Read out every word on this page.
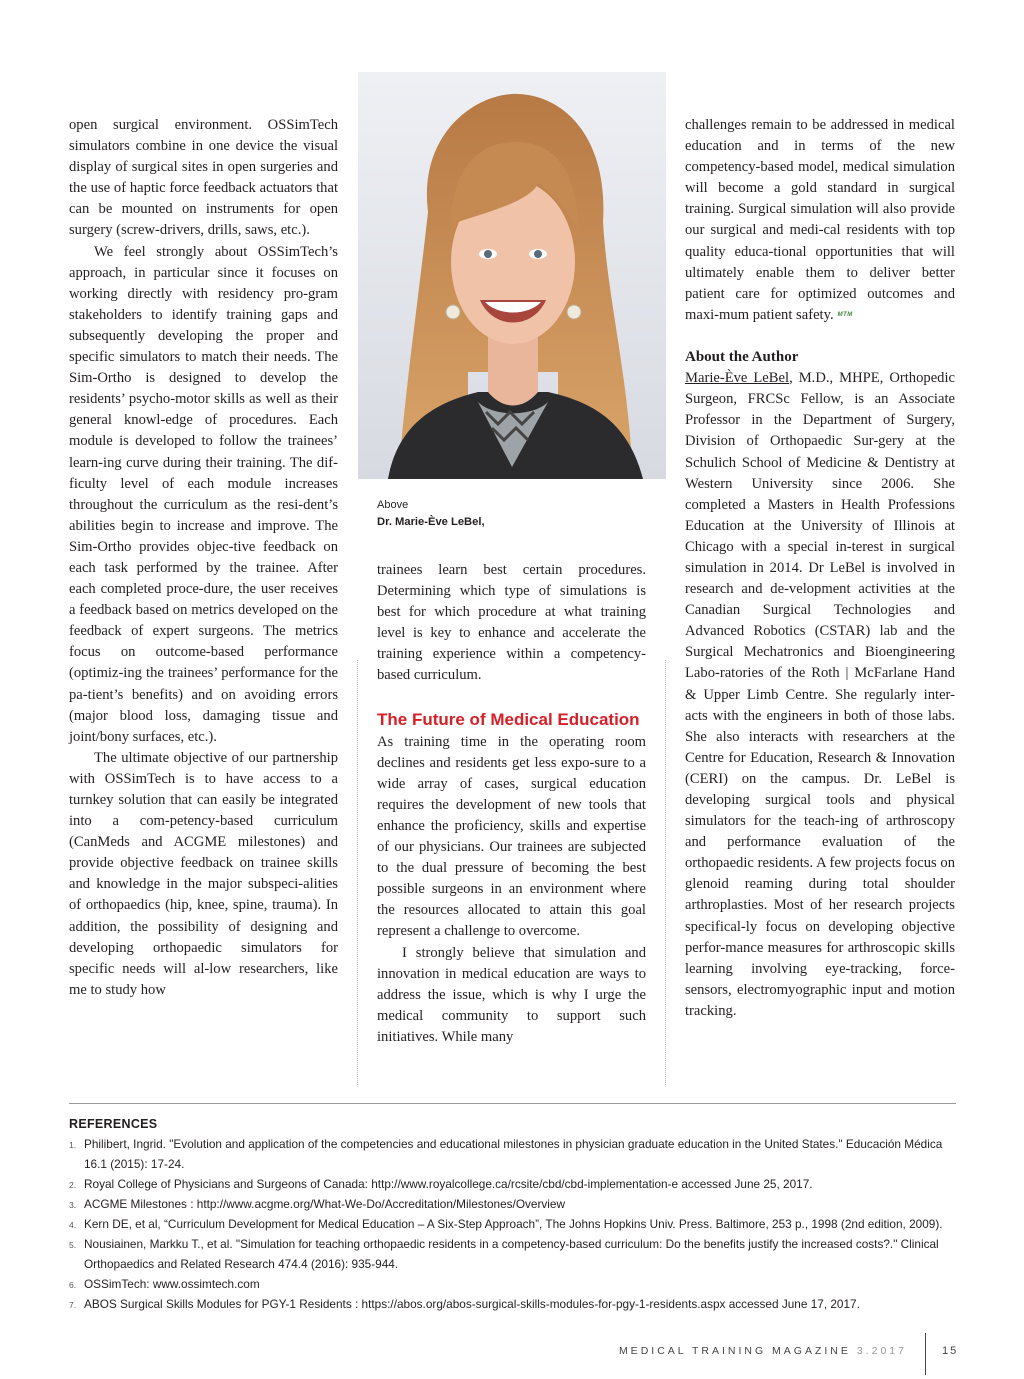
open surgical environment. OSSimTech simulators combine in one device the visual display of surgical sites in open surgeries and the use of haptic force feedback actuators that can be mounted on instruments for open surgery (screw-drivers, drills, saws, etc.).

We feel strongly about OSSimTech’s approach, in particular since it focuses on working directly with residency pro-gram stakeholders to identify training gaps and subsequently developing the proper and specific simulators to match their needs. The Sim-Ortho is designed to develop the residents’ psycho-motor skills as well as their general knowl-edge of procedures. Each module is developed to follow the trainees’ learn-ing curve during their training. The dif-ficulty level of each module increases throughout the curriculum as the resi-dent’s abilities begin to increase and improve. The Sim-Ortho provides objec-tive feedback on each task performed by the trainee. After each completed proce-dure, the user receives a feedback based on metrics developed on the feedback of expert surgeons. The metrics focus on outcome-based performance (optimiz-ing the trainees’ performance for the pa-tient’s benefits) and on avoiding errors (major blood loss, damaging tissue and joint/bony surfaces, etc.).

The ultimate objective of our partnership with OSSimTech is to have access to a turnkey solution that can easily be integrated into a com-petency-based curriculum (CanMeds and ACGME milestones) and provide objective feedback on trainee skills and knowledge in the major subspeci-alities of orthopaedics (hip, knee, spine, trauma). In addition, the possibility of designing and developing orthopaedic simulators for specific needs will al-low researchers, like me to study how

Above
Dr. Marie-Ève LeBel,

trainees learn best certain procedures. Determining which type of simulations is best for which procedure at what training level is key to enhance and accelerate the training experience within a competency-based curriculum.

The Future of Medical Education

As training time in the operating room declines and residents get less expo-sure to a wide array of cases, surgical education requires the development of new tools that enhance the proficiency, skills and expertise of our physicians. Our trainees are subjected to the dual pressure of becoming the best possible surgeons in an environment where the resources allocated to attain this goal represent a challenge to overcome.

I strongly believe that simulation and innovation in medical education are ways to address the issue, which is why I urge the medical community to support such initiatives. While many

challenges remain to be addressed in medical education and in terms of the new competency-based model, medical simulation will become a gold standard in surgical training. Surgical simulation will also provide our surgical and medi-cal residents with top quality educa-tional opportunities that will ultimately enable them to deliver better patient care for optimized outcomes and maxi-mum patient safety. MTM

About the Author

Marie-Ève LeBel, M.D., MHPE, Orthopedic Surgeon, FRCSc Fellow, is an Associate Professor in the Department of Surgery, Division of Orthopaedic Sur-gery at the Schulich School of Medicine & Dentistry at Western University since 2006. She completed a Masters in Health Professions Education at the University of Illinois at Chicago with a special in-terest in surgical simulation in 2014. Dr LeBel is involved in research and de-velopment activities at the Canadian Surgical Technologies and Advanced Robotics (CSTAR) lab and the Surgical Mechatronics and Bioengineering Labo-ratories of the Roth | McFarlane Hand & Upper Limb Centre. She regularly inter-acts with the engineers in both of those labs. She also interacts with researchers at the Centre for Education, Research & Innovation (CERI) on the campus. Dr. LeBel is developing surgical tools and physical simulators for the teach-ing of arthroscopy and performance evaluation of the orthopaedic residents. A few projects focus on glenoid reaming during total shoulder arthroplasties. Most of her research projects specifical-ly focus on developing objective perfor-mance measures for arthroscopic skills learning involving eye-tracking, force-sensors, electromyographic input and motion tracking.

REFERENCES
1. Philibert, Ingrid. "Evolution and application of the competencies and educational milestones in physician graduate education in the United States." Educación Médica 16.1 (2015): 17-24.
2. Royal College of Physicians and Surgeons of Canada: http://www.royalcollege.ca/rcsite/cbd/cbd-implementation-e accessed June 25, 2017.
3. ACGME Milestones : http://www.acgme.org/What-We-Do/Accreditation/Milestones/Overview
4. Kern DE, et al, “Curriculum Development for Medical Education – A Six-Step Approach”, The Johns Hopkins Univ. Press. Baltimore, 253 p., 1998 (2nd edition, 2009).
5. Nousiainen, Markku T., et al. "Simulation for teaching orthopaedic residents in a competency-based curriculum: Do the benefits justify the increased costs?." Clinical Orthopaedics and Related Research 474.4 (2016): 935-944.
6. OSSimTech: www.ossimtech.com
7. ABOS Surgical Skills Modules for PGY-1 Residents : https://abos.org/abos-surgical-skills-modules-for-pgy-1-residents.aspx accessed June 17, 2017.
MEDICAL TRAINING MAGAZINE 3.2017	15
